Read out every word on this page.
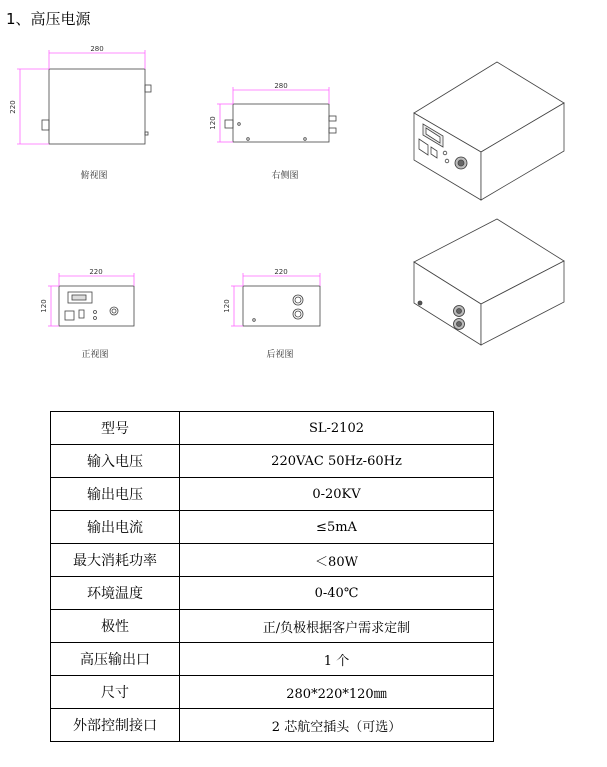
1、高压电源
280
220
俯视图
280
120
右侧图
220
120
正视图
220
120
后视图
型号	SL-2102
输入电压	220VAC 50Hz-60Hz
输出电压	0-20KV
输出电流	≤5mA
最大消耗功率	＜80W
环境温度	0-40℃
极性	正/负极根据客户需求定制
高压输出口	1 个
尺寸	280*220*120㎜
外部控制接口	2 芯航空插头（可选）
